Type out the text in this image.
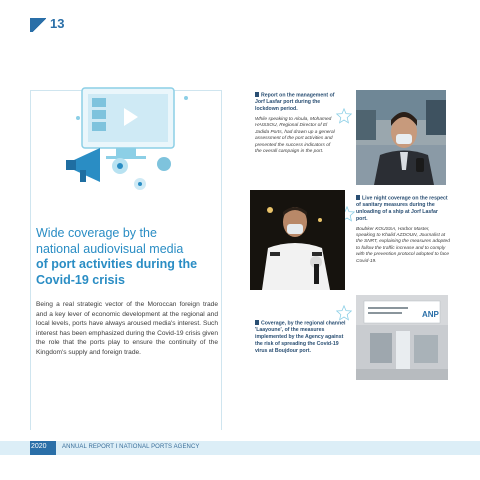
13
Wide coverage by the
national audiovisual media
of port activities during the
Covid-19 crisis
Being a real strategic vector of the Moroccan foreign trade and a key lever of economic development at the regional and local levels, ports have always aroused media's interest. Such interest has been emphasized during the Covid-19 crisis given the role that the ports play to ensure the continuity of the Kingdom's supply and foreign trade.
Report on the management of Jorf Lasfar port during the lockdown period.
While speaking to Aloula, Mohamed HAISSOU, Regional Director of El Jadida Ports, had drawn up a general assessment of the port activities and presented the success indicators of the overall campaign in the port.
Live night coverage on the respect of sanitary measures during the unloading of a ship at Jorf Lasfar port.
Boubker KOUSSA, Harbor Master, speaking to Khalid AZDOUN, Journalist at the SNRT, explaining the measures adopted to follow the traffic increase and to comply with the prevention protocol adopted to face Covid-19.
Coverage, by the regional channel 'Laayoune', of the measures implemented by the Agency against the risk of spreading the Covid-19 virus at Boujdour port.
ANP
2020	ANNUAL REPORT I NATIONAL PORTS AGENCY
